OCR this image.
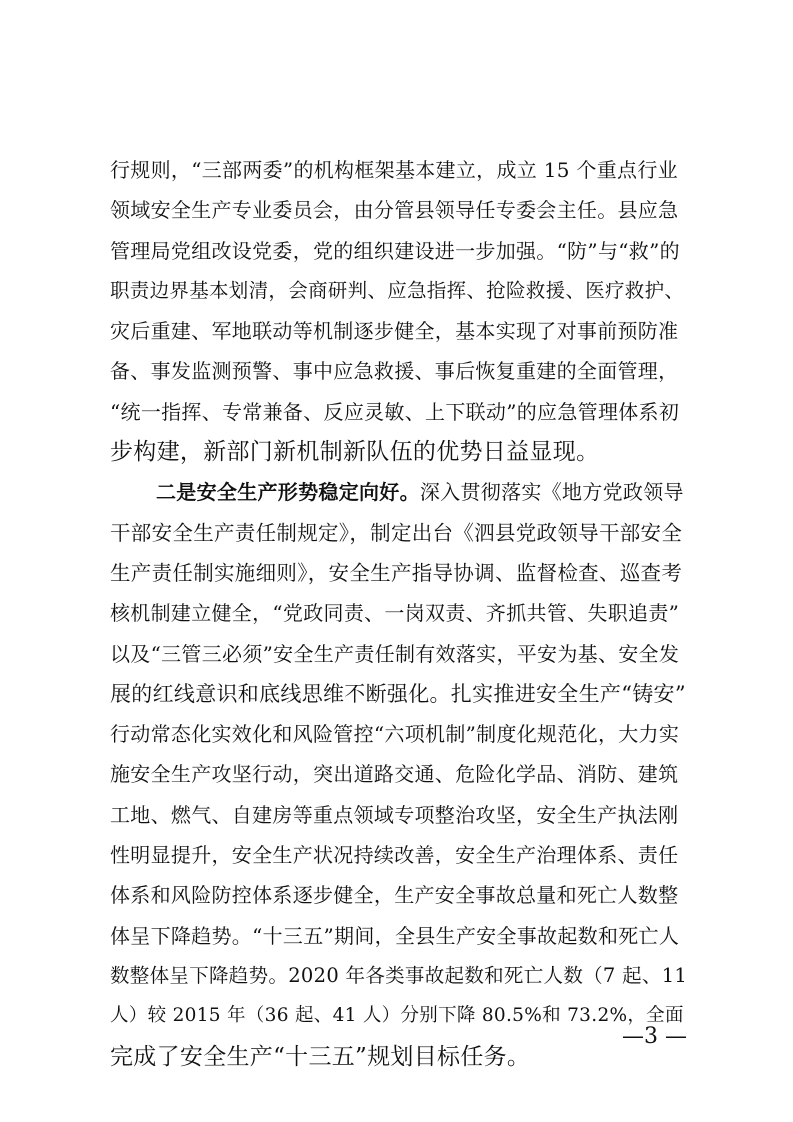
行规则，“三部两委”的机构框架基本建立，成立 15 个重点行业
领域安全生产专业委员会，由分管县领导任专委会主任。县应急
管理局党组改设党委，党的组织建设进一步加强。“防”与“救”的
职责边界基本划清，会商研判、应急指挥、抢险救援、医疗救护、
灾后重建、军地联动等机制逐步健全，基本实现了对事前预防准
备、事发监测预警、事中应急救援、事后恢复重建的全面管理，
“统一指挥、专常兼备、反应灵敏、上下联动”的应急管理体系初
步构建，新部门新机制新队伍的优势日益显现。
二是安全生产形势稳定向好。深入贯彻落实《地方党政领导
干部安全生产责任制规定》，制定出台《泗县党政领导干部安全
生产责任制实施细则》，安全生产指导协调、监督检查、巡查考
核机制建立健全，“党政同责、一岗双责、齐抓共管、失职追责”
以及“三管三必须”安全生产责任制有效落实，平安为基、安全发
展的红线意识和底线思维不断强化。扎实推进安全生产“铸安”
行动常态化实效化和风险管控“六项机制”制度化规范化，大力实
施安全生产攻坚行动，突出道路交通、危险化学品、消防、建筑
工地、燃气、自建房等重点领域专项整治攻坚，安全生产执法刚
性明显提升，安全生产状况持续改善，安全生产治理体系、责任
体系和风险防控体系逐步健全，生产安全事故总量和死亡人数整
体呈下降趋势。“十三五”期间，全县生产安全事故起数和死亡人
数整体呈下降趋势。2020 年各类事故起数和死亡人数（7 起、11
人）较 2015 年（36 起、41 人）分别下降 80.5%和 73.2%，全面
完成了安全生产“十三五”规划目标任务。
—3 —
